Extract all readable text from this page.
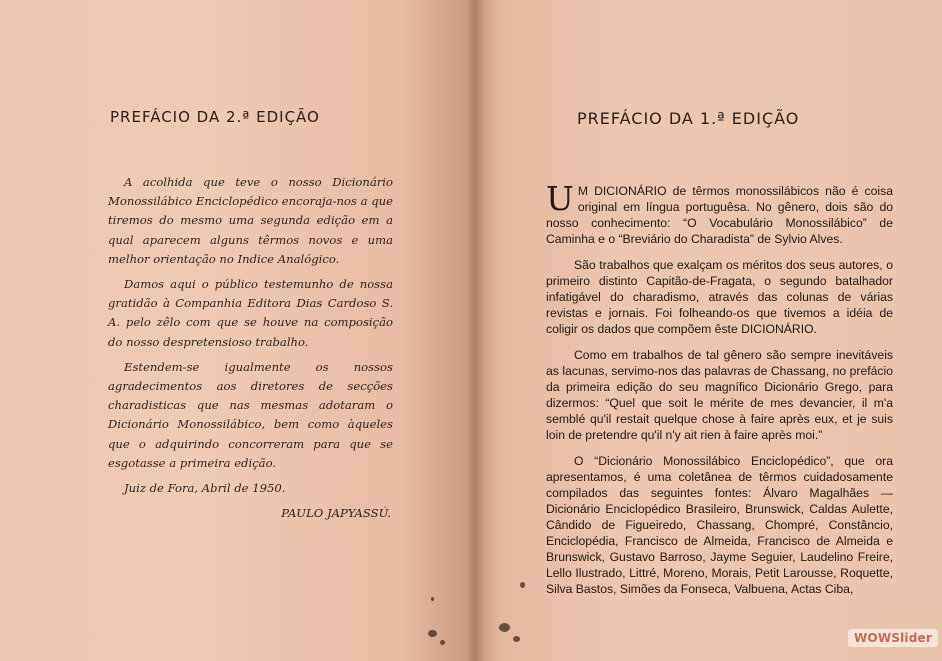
PREFÁCIO DA 2.ª EDIÇÃO

A acolhida que teve o nosso Dicionário Monossilábico Enciclopédico encoraja-nos a que tiremos do mesmo uma segunda edição em a qual aparecem alguns têrmos novos e uma melhor orientação no Indice Analógico.

Damos aqui o público testemunho de nossa gratidão à Companhia Editora Dias Cardoso S. A. pelo zêlo com que se houve na composição do nosso despretensioso trabalho.

Estendem-se igualmente os nossos agradecimentos aos diretores de secções charadisticas que nas mesmas adotaram o Dicionário Monossilábico, bem como àqueles que o adquirindo concorreram para que se esgotasse a primeira edição.

Juiz de Fora, Abril de 1950.

PAULO JAPYASSÚ.

PREFÁCIO DA 1.ª EDIÇÃO

U M DICIONÁRIO de têrmos monossilábicos não é coisa original em língua portuguêsa. No gênero, dois são do nosso conhecimento: “O Vocabulário Monossilábico” de Caminha e o “Breviário do Charadista” de Sylvio Alves.

São trabalhos que exalçam os méritos dos seus autores, o primeiro distinto Capitão-de-Fragata, o segundo batalhador infatigável do charadismo, através das colunas de várias revistas e jornais. Foi folheando-os que tivemos a idéia de coligir os dados que compõem êste DICIONÁRIO.

Como em trabalhos de tal gênero são sempre inevitáveis as lacunas, servimo-nos das palavras de Chassang, no prefácio da primeira edição do seu magnífico Dicionário Grego, para dizermos: “Quel que soit le mérite de mes devancier, il m'a semblé qu'il restait quelque chose à faire après eux, et je suis loin de pretendre qu'il n'y ait rien à faire après moi.”

O “Dicionário Monossilábico Enciclopédico”, que ora apresentamos, é uma coletânea de têrmos cuidadosamente compilados das seguintes fontes: Álvaro Magalhães — Dicionário Enciclopédico Brasileiro, Brunswick, Caldas Aulette, Cândido de Figueiredo, Chassang, Chompré, Constâncio, Enciclopédia, Francisco de Almeida, Francisco de Almeida e Brunswick, Gustavo Barroso, Jayme Seguier, Laudelino Freire, Lello Ilustrado, Littré, Moreno, Morais, Petit Larousse, Roquette, Silva Bastos, Simões da Fonseca, Valbuena, Actas Ciba,

WOWSlider
